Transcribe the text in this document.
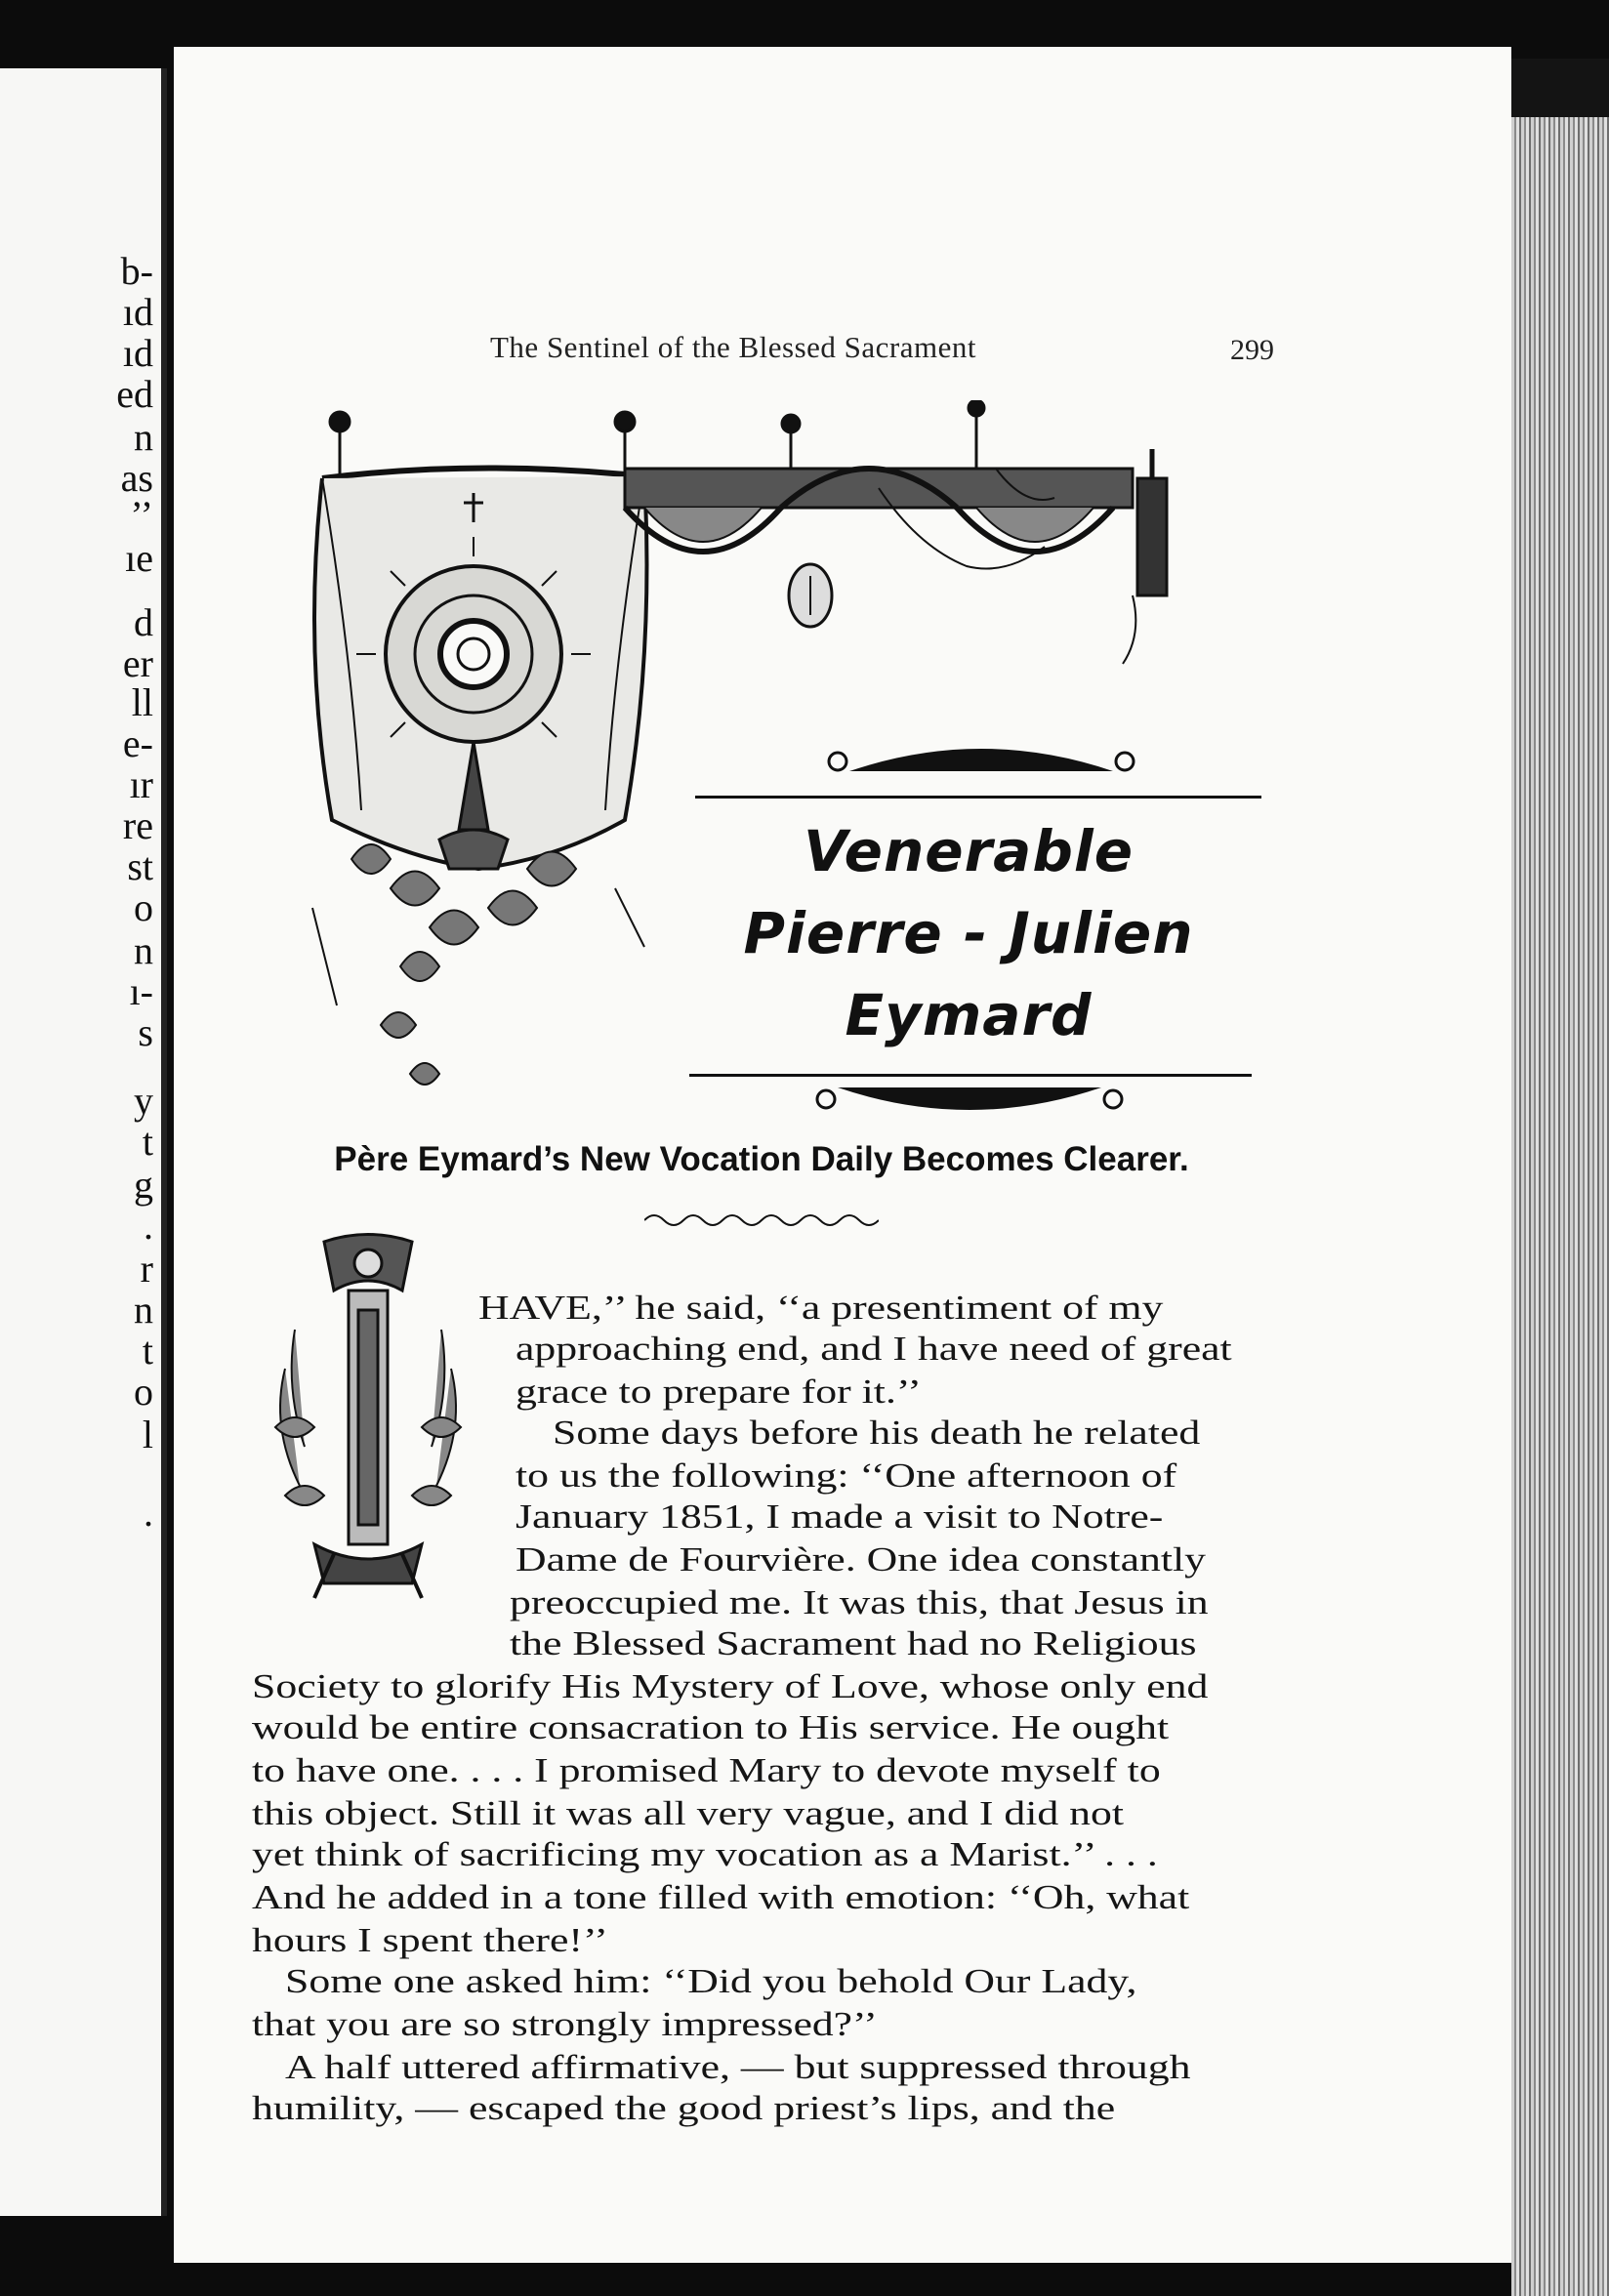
b-
ıd
ıd
ed
n
as
’’
ıe
d
er
ll
e-
ır
re
st
o
n
ı-
s
y
t
g
.
r
n
t
o
l
.
The Sentinel of the Blessed Sacrament	299
Venerable
Pierre - Julien
Eymard
Père Eymard’s New Vocation Daily Becomes Clearer.
HAVE,’’ he said, ‘‘a presentiment of my
approaching end, and I have need of great
grace to prepare for it.’’
Some days before his death he related
to us the following: ‘‘One afternoon of
January 1851, I made a visit to Notre-
Dame de Fourvière. One idea constantly
preoccupied me. It was this, that Jesus in
the Blessed Sacrament had no Religious
Society to glorify His Mystery of Love, whose only end
would be entire consacration to His service. He ought
to have one. . . . I promised Mary to devote myself to
this object. Still it was all very vague, and I did not
yet think of sacrificing my vocation as a Marist.’’ . . .
And he added in a tone filled with emotion: ‘‘Oh, what
hours I spent there!’’
Some one asked him: ‘‘Did you behold Our Lady,
that you are so strongly impressed?’’
A half uttered affirmative, — but suppressed through
humility, — escaped the good priest’s lips, and the
